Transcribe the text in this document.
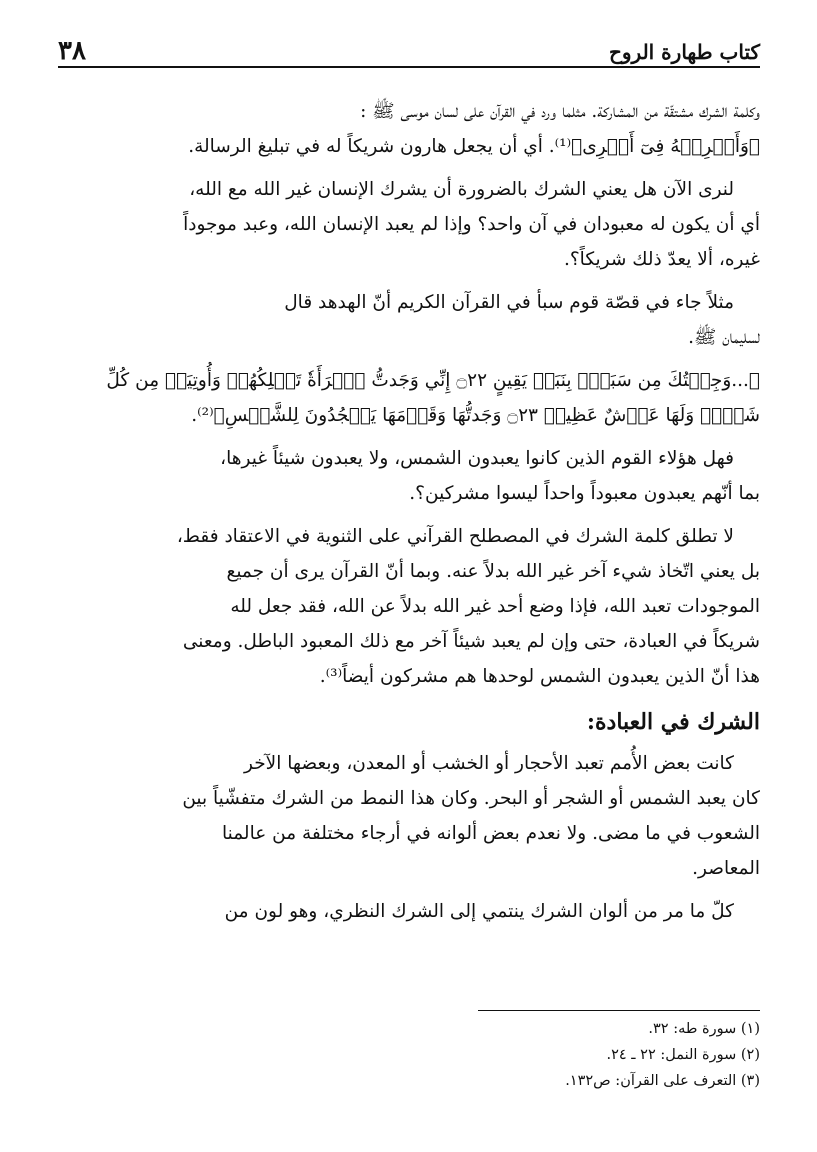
كتاب طهارة الروح
٣٨

وكلمة الشرك مشتقّة من المشاركة. مثلما ورد في القرآن على لسان موسى ﷺ :
﴿وَأَشۡرِكۡهُ فِىٓ أَمۡرِى﴾⁽¹⁾. أي أن يجعل هارون شريكاً له في تبليغ الرسالة.

لنرى الآن هل يعني الشرك بالضرورة أن يشرك الإنسان غير الله مع الله،
أي أن يكون له معبودان في آن واحد؟ وإذا لم يعبد الإنسان الله، وعبد موجوداً
غيره، ألا يعدّ ذلك شريكاً؟.

مثلاً جاء في قصّة قوم سبأ في القرآن الكريم أنّ الهدهد قال
لسليمان ﷺ.

﴿...وَجِئۡتُكَ مِن سَبَإِۭ بِنَبَإٖ يَقِينٍ ۝٢٢ إِنِّي وَجَدتُّ ٱمۡرَأَةٗ تَمۡلِكُهُمۡ وَأُوتِيَتۡ مِن كُلِّ
شَيۡءٖ وَلَهَا عَرۡشٌ عَظِيمٞ ۝٢٣ وَجَدتُّهَا وَقَوۡمَهَا يَسۡجُدُونَ لِلشَّمۡسِ﴾⁽²⁾.

فهل هؤلاء القوم الذين كانوا يعبدون الشمس، ولا يعبدون شيئاً غيرها،
بما أنّهم يعبدون معبوداً واحداً ليسوا مشركين؟.

لا تطلق كلمة الشرك في المصطلح القرآني على الثنوية في الاعتقاد فقط،
بل يعني اتّخاذ شيء آخر غير الله بدلاً عنه. وبما أنّ القرآن يرى أن جميع
الموجودات تعبد الله، فإذا وضع أحد غير الله بدلاً عن الله، فقد جعل لله
شريكاً في العبادة، حتى وإن لم يعبد شيئاً آخر مع ذلك المعبود الباطل. ومعنى
هذا أنّ الذين يعبدون الشمس لوحدها هم مشركون أيضاً⁽³⁾.

الشرك في العبادة:

كانت بعض الأُمم تعبد الأحجار أو الخشب أو المعدن، وبعضها الآخر
كان يعبد الشمس أو الشجر أو البحر. وكان هذا النمط من الشرك متفشّياً بين
الشعوب في ما مضى. ولا نعدم بعض ألوانه في أرجاء مختلفة من عالمنا
المعاصر.

كلّ ما مر من ألوان الشرك ينتمي إلى الشرك النظري، وهو لون من

(١) سورة طه: ٣٢.
(٢) سورة النمل: ٢٢ ـ ٢٤.
(٣) التعرف على القرآن: ص١٣٢.
